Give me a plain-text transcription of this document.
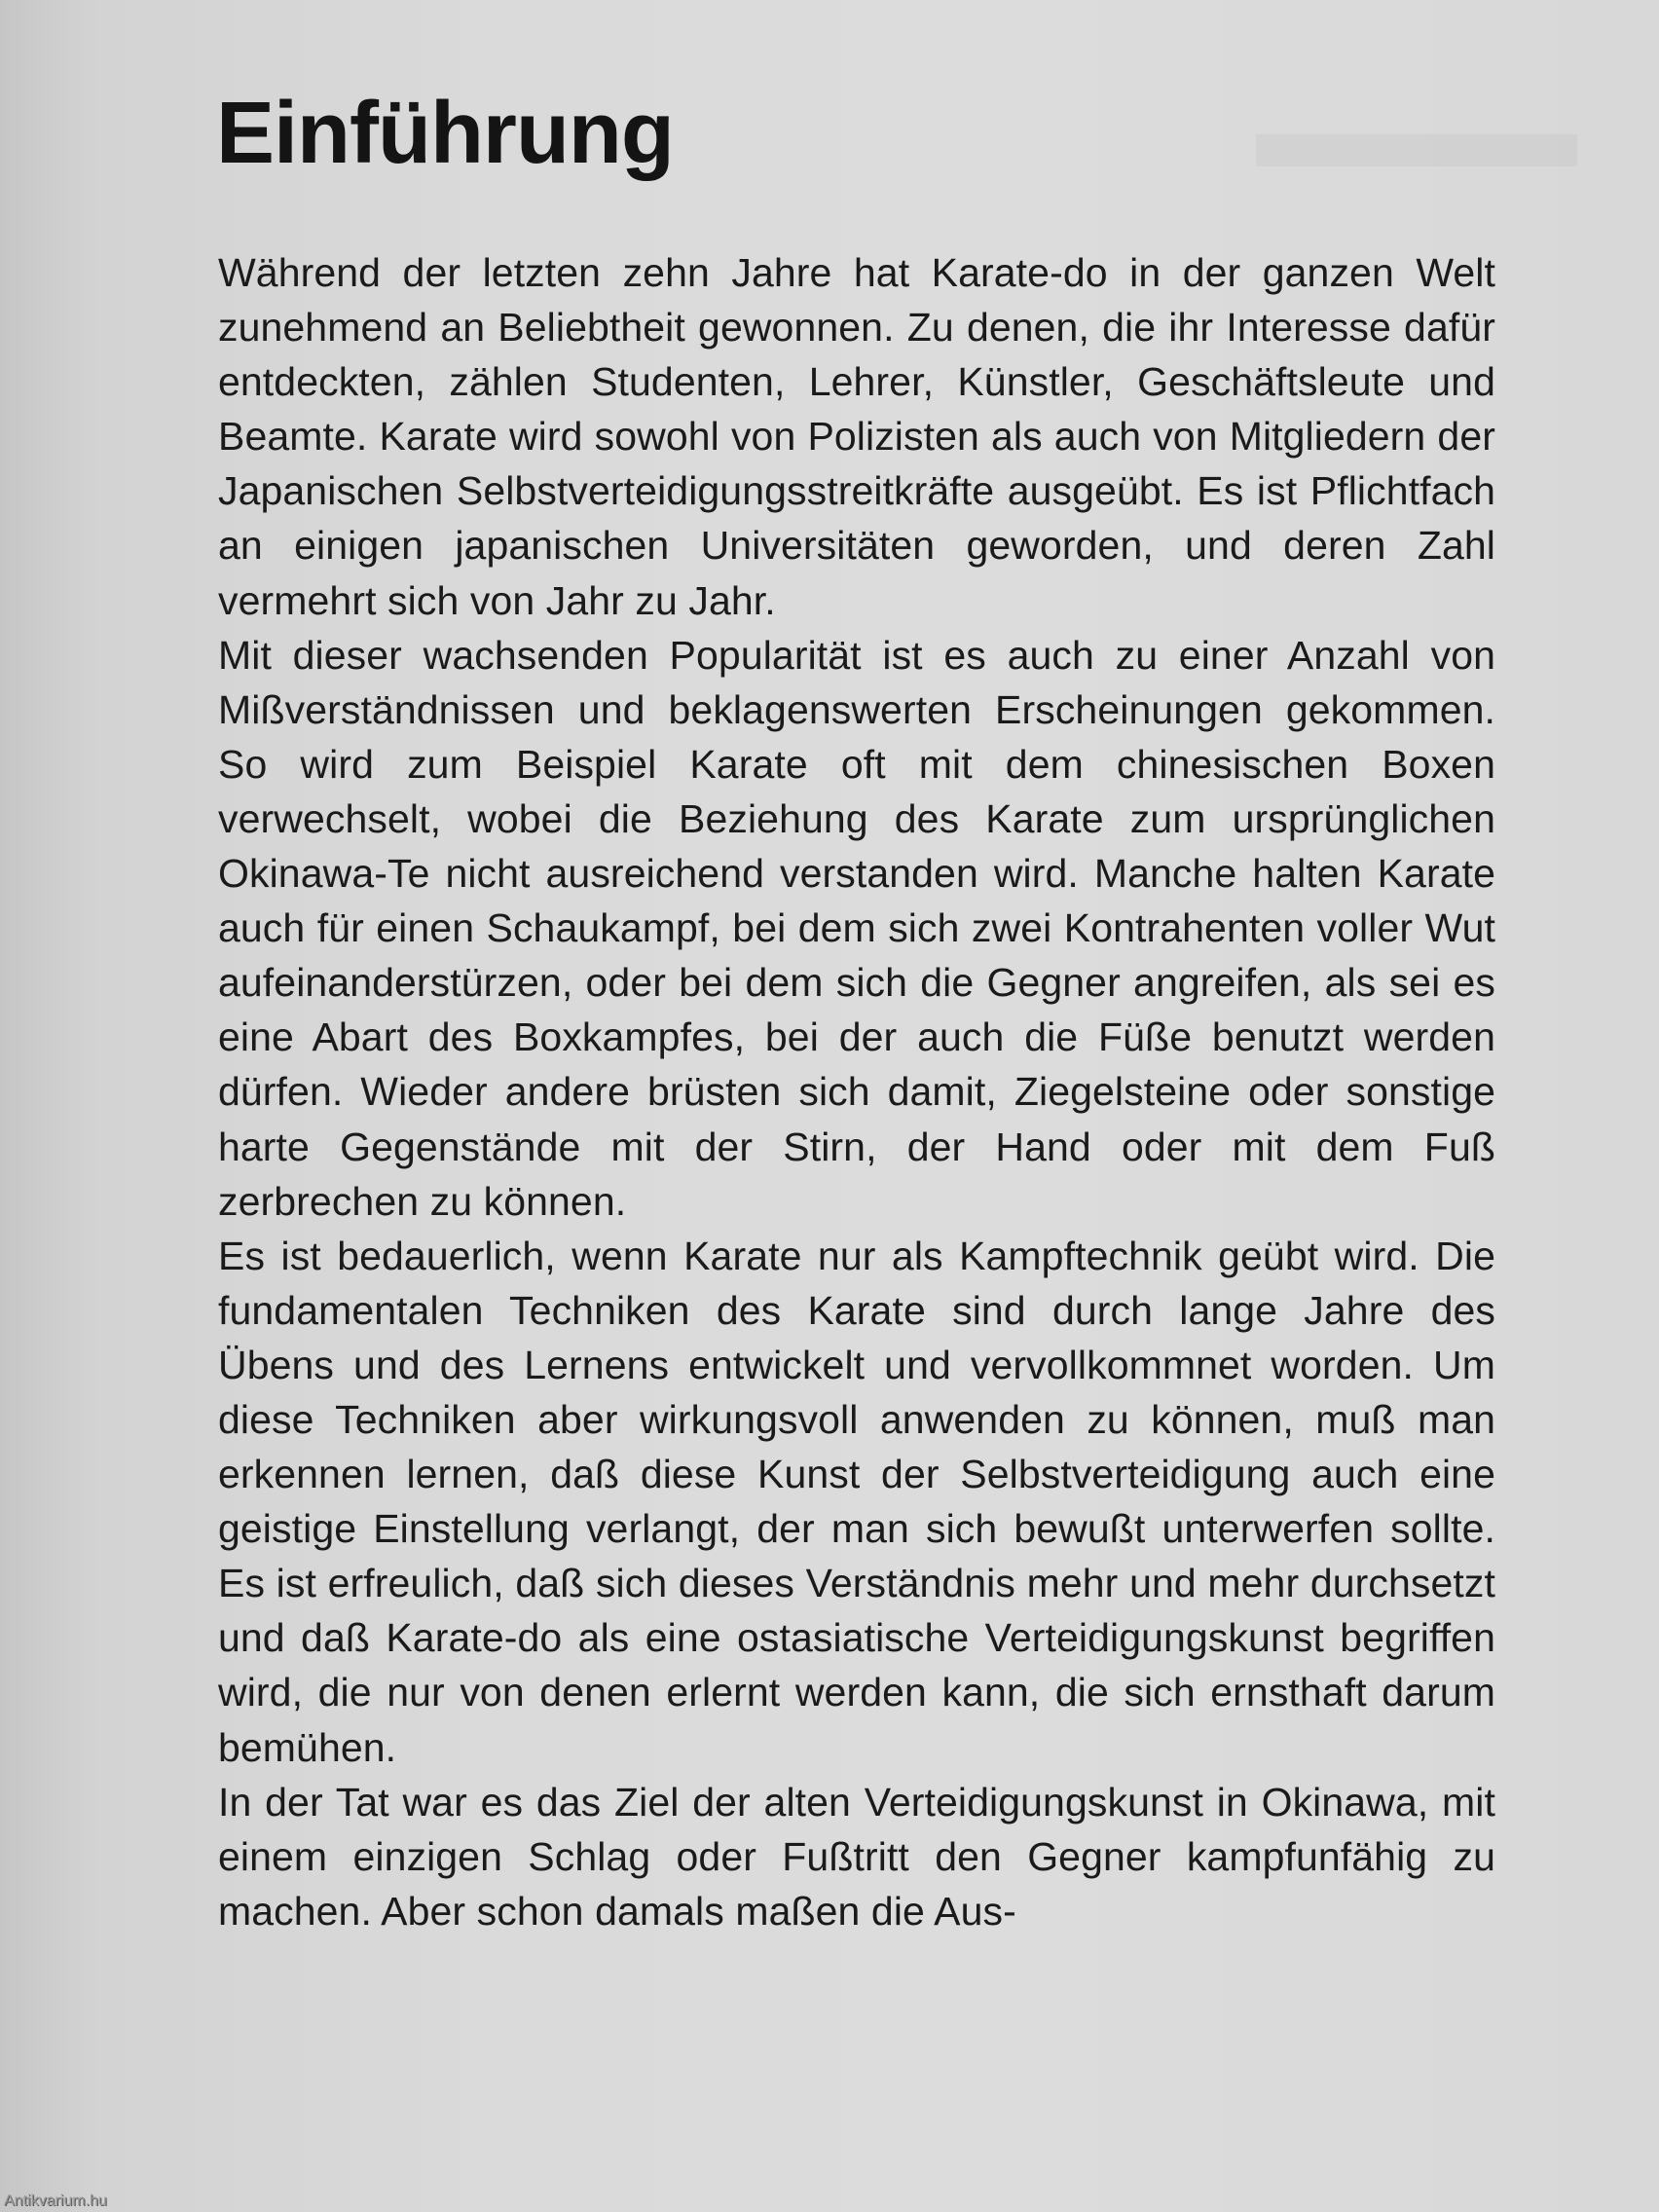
▬▬▬
Einführung

Während der letzten zehn Jahre hat Karate-do in der ganzen Welt zunehmend an Beliebtheit gewonnen. Zu denen, die ihr Interesse dafür entdeckten, zählen Studenten, Lehrer, Künstler, Geschäftsleute und Beamte. Karate wird sowohl von Polizisten als auch von Mitgliedern der Japanischen Selbstverteidigungsstreitkräfte ausgeübt. Es ist Pflichtfach an einigen japanischen Universitäten geworden, und deren Zahl vermehrt sich von Jahr zu Jahr.

Mit dieser wachsenden Popularität ist es auch zu einer Anzahl von Mißverständnissen und beklagenswerten Erscheinungen gekommen. So wird zum Beispiel Karate oft mit dem chinesischen Boxen verwechselt, wobei die Beziehung des Karate zum ursprünglichen Okinawa-Te nicht ausreichend verstanden wird. Manche halten Karate auch für einen Schaukampf, bei dem sich zwei Kontrahenten voller Wut aufeinanderstürzen, oder bei dem sich die Gegner angreifen, als sei es eine Abart des Boxkampfes, bei der auch die Füße benutzt werden dürfen. Wieder andere brüsten sich damit, Ziegelsteine oder sonstige harte Gegenstände mit der Stirn, der Hand oder mit dem Fuß zerbrechen zu können.

Es ist bedauerlich, wenn Karate nur als Kampftechnik geübt wird. Die fundamentalen Techniken des Karate sind durch lange Jahre des Übens und des Lernens entwickelt und vervollkommnet worden. Um diese Techniken aber wirkungsvoll anwenden zu können, muß man erkennen lernen, daß diese Kunst der Selbstverteidigung auch eine geistige Einstellung verlangt, der man sich bewußt unterwerfen sollte. Es ist erfreulich, daß sich dieses Verständnis mehr und mehr durchsetzt und daß Karate-do als eine ostasiatische Verteidigungskunst begriffen wird, die nur von denen erlernt werden kann, die sich ernsthaft darum bemühen.

In der Tat war es das Ziel der alten Verteidigungskunst in Okinawa, mit einem einzigen Schlag oder Fußtritt den Gegner kampfunfähig zu machen. Aber schon damals maßen die Aus-

Antikvarium.hu
